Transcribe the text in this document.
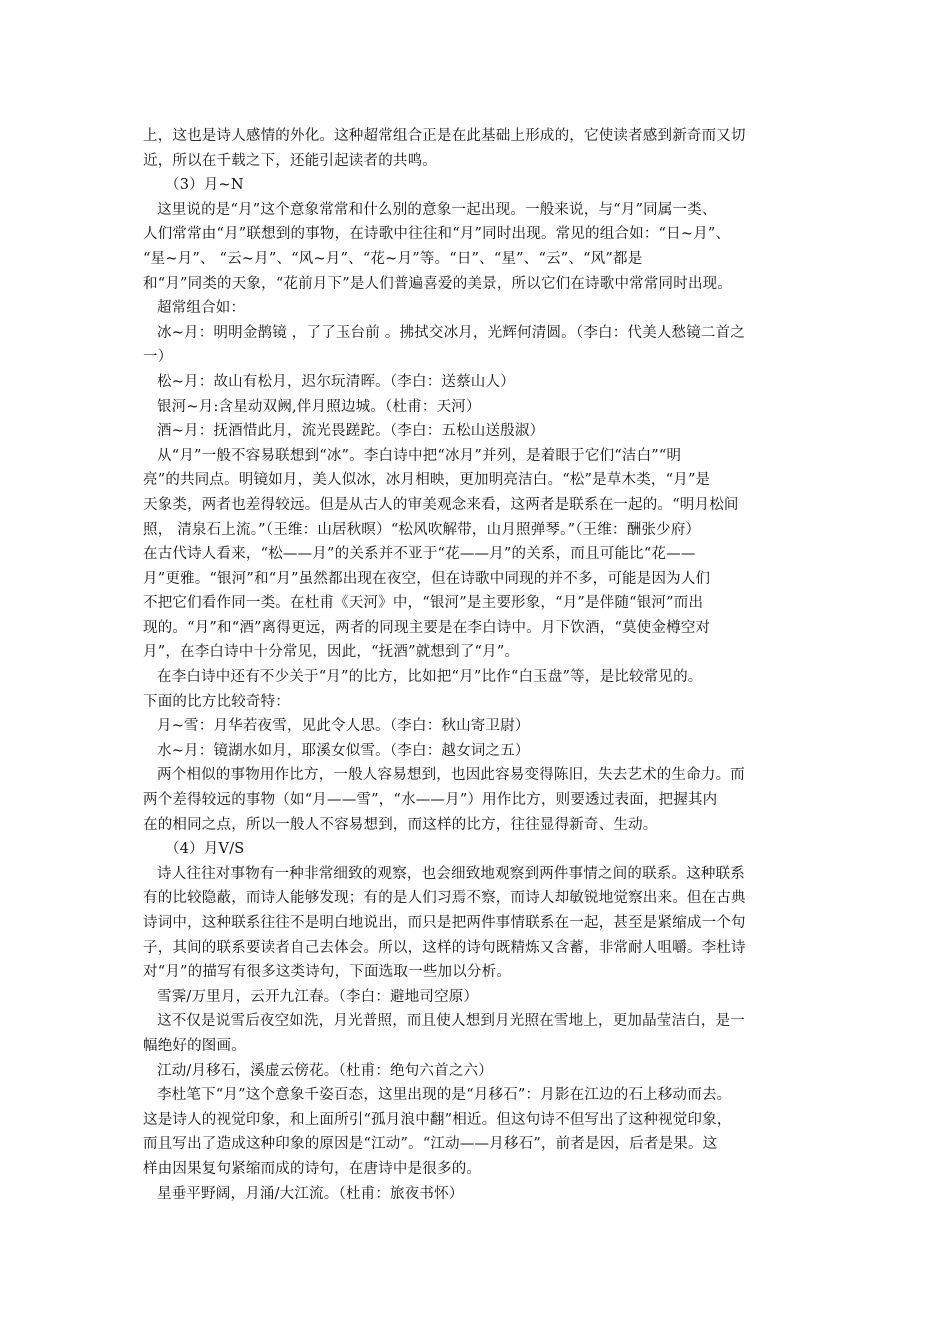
上，这也是诗人感情的外化。这种超常组合正是在此基础上形成的，它使读者感到新奇而又切

近，所以在千载之下，还能引起读者的共鸣。

（3）月~N

这里说的是“月”这个意象常常和什么别的意象一起出现。一般来说，与“月”同属一类、

人们常常由“月”联想到的事物，在诗歌中往往和“月”同时出现。常见的组合如：“日~月”、

“星~月”、 “云~月”、“风~月”、“花~月”等。“日”、“星”、“云”、“风”都是

和“月”同类的天象，“花前月下”是人们普遍喜爱的美景，所以它们在诗歌中常常同时出现。

超常组合如：

冰~月：明明金鹊镜 ，了了玉台前 。拂拭交冰月，光辉何清圆。（李白：代美人愁镜二首之

一）

松~月：故山有松月，迟尔玩清晖。（李白：送蔡山人）

银河~月:含星动双阙,伴月照边城。（杜甫：天河）

酒~月：抚酒惜此月，流光畏蹉跎。（李白：五松山送殷淑）

从“月”一般不容易联想到“冰”。李白诗中把“冰月”并列，是着眼于它们“洁白”“明

亮”的共同点。明镜如月，美人似冰，冰月相映，更加明亮洁白。“松”是草木类，“月”是

天象类，两者也差得较远。但是从古人的审美观念来看，这两者是联系在一起的。“明月松间

照， 清泉石上流。”（王维：山居秋暝）“松风吹解带，山月照弹琴。”（王维：酬张少府）

在古代诗人看来，“松——月”的关系并不亚于“花——月”的关系，而且可能比“花——

月”更雅。“银河”和“月”虽然都出现在夜空，但在诗歌中同现的并不多，可能是因为人们

不把它们看作同一类。在杜甫《天河》中，“银河”是主要形象，“月”是伴随“银河”而出

现的。“月”和“酒”离得更远，两者的同现主要是在李白诗中。月下饮酒，“莫使金樽空对

月”，在李白诗中十分常见，因此，“抚酒”就想到了“月”。

在李白诗中还有不少关于“月”的比方，比如把“月”比作“白玉盘”等，是比较常见的。

下面的比方比较奇特：

月~雪：月华若夜雪，见此令人思。（李白：秋山寄卫尉）

水~月：镜湖水如月，耶溪女似雪。（李白：越女词之五）

两个相似的事物用作比方，一般人容易想到，也因此容易变得陈旧，失去艺术的生命力。而

两个差得较远的事物（如“月——雪”，“水——月”）用作比方，则要透过表面，把握其内

在的相同之点，所以一般人不容易想到，而这样的比方，往往显得新奇、生动。

（4）月V/S

诗人往往对事物有一种非常细致的观察，也会细致地观察到两件事情之间的联系。这种联系

有的比较隐蔽，而诗人能够发现；有的是人们习焉不察，而诗人却敏锐地觉察出来。但在古典

诗词中，这种联系往往不是明白地说出，而只是把两件事情联系在一起，甚至是紧缩成一个句

子，其间的联系要读者自己去体会。所以，这样的诗句既精炼又含蓄，非常耐人咀嚼。李杜诗

对“月”的描写有很多这类诗句，下面选取一些加以分析。

雪霁/万里月，云开九江春。（李白：避地司空原）

这不仅是说雪后夜空如洗，月光普照，而且使人想到月光照在雪地上，更加晶莹洁白，是一

幅绝好的图画。

江动/月移石，溪虚云傍花。（杜甫：绝句六首之六）

李杜笔下“月”这个意象千姿百态，这里出现的是“月移石”：月影在江边的石上移动而去。

这是诗人的视觉印象，和上面所引“孤月浪中翻”相近。但这句诗不但写出了这种视觉印象，

而且写出了造成这种印象的原因是“江动”。“江动——月移石”，前者是因，后者是果。这

样由因果复句紧缩而成的诗句，在唐诗中是很多的。

星垂平野阔，月涌/大江流。（杜甫：旅夜书怀）
